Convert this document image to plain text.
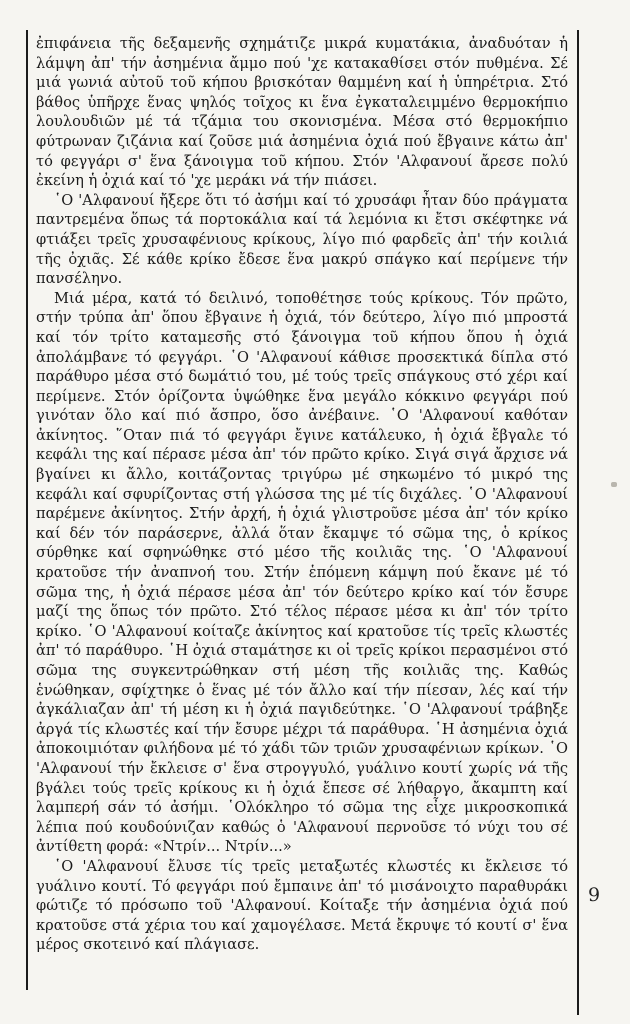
ἐπιφάνεια τῆς δεξαμενῆς σχημάτιζε μικρά κυματάκια, ἀναδυόταν ἡ λάμψη ἀπ' τήν ἀσημένια ἄμμο πού 'χε κατακαθίσει στόν πυθμένα. Σέ μιά γωνιά αὐτοῦ τοῦ κήπου βρισκόταν θαμμένη καί ἡ ὑπηρέτρια. Στό βάθος ὑπῆρχε ἕνας ψηλός τοῖχος κι ἕνα ἐγκαταλειμμένο θερμοκήπιο λουλουδιῶν μέ τά τζάμια του σκονισμένα. Μέσα στό θερμοκήπιο φύτρωναν ζιζάνια καί ζοῦσε μιά ἀσημένια ὀχιά πού ἔβγαινε κάτω ἀπ' τό φεγγάρι σ' ἕνα ξάνοιγμα τοῦ κήπου. Στόν 'Αλφανουί ἄρεσε πολύ ἐκείνη ἡ ὀχιά καί τό 'χε μεράκι νά τήν πιάσει.

῾Ο 'Αλφανουί ἤξερε ὅτι τό ἀσήμι καί τό χρυσάφι ἦταν δύο πράγματα παντρεμένα ὅπως τά πορτοκάλια καί τά λεμόνια κι ἔτσι σκέφτηκε νά φτιάξει τρεῖς χρυσαφένιους κρίκους, λίγο πιό φαρδεῖς ἀπ' τήν κοιλιά τῆς ὀχιᾶς. Σέ κάθε κρίκο ἔδεσε ἕνα μακρύ σπάγκο καί περίμενε τήν πανσέληνο.

Μιά μέρα, κατά τό δειλινό, τοποθέτησε τούς κρίκους. Τόν πρῶτο, στήν τρύπα ἀπ' ὅπου ἔβγαινε ἡ ὀχιά, τόν δεύτερο, λίγο πιό μπροστά καί τόν τρίτο καταμεσῆς στό ξάνοιγμα τοῦ κήπου ὅπου ἡ ὀχιά ἀπολάμβανε τό φεγγάρι. ῾Ο 'Αλφανουί κάθισε προσεκτικά δίπλα στό παράθυρο μέσα στό δωμάτιό του, μέ τούς τρεῖς σπάγκους στό χέρι καί περίμενε. Στόν ὁρίζοντα ὑψώθηκε ἕνα μεγάλο κόκκινο φεγγάρι πού γινόταν ὅλο καί πιό ἄσπρο, ὅσο ἀνέβαινε. ῾Ο 'Αλφανουί καθόταν ἀκίνητος. ῞Οταν πιά τό φεγγάρι ἔγινε κατάλευκο, ἡ ὀχιά ἔβγαλε τό κεφάλι της καί πέρασε μέσα ἀπ' τόν πρῶτο κρίκο. Σιγά σιγά ἄρχισε νά βγαίνει κι ἄλλο, κοιτάζοντας τριγύρω μέ σηκωμένο τό μικρό της κεφάλι καί σφυρίζοντας στή γλώσσα της μέ τίς διχάλες. ῾Ο 'Αλφανουί παρέμενε ἀκίνητος. Στήν ἀρχή, ἡ ὀχιά γλιστροῦσε μέσα ἀπ' τόν κρίκο καί δέν τόν παράσερνε, ἀλλά ὅταν ἔκαμψε τό σῶμα της, ὁ κρίκος σύρθηκε καί σφηνώθηκε στό μέσο τῆς κοιλιᾶς της. ῾Ο 'Αλφανουί κρατοῦσε τήν ἀναπνοή του. Στήν ἑπόμενη κάμψη πού ἔκανε μέ τό σῶμα της, ἡ ὀχιά πέρασε μέσα ἀπ' τόν δεύτερο κρίκο καί τόν ἔσυρε μαζί της ὅπως τόν πρῶτο. Στό τέλος πέρασε μέσα κι ἀπ' τόν τρίτο κρίκο. ῾Ο 'Αλφανουί κοίταζε ἀκίνητος καί κρατοῦσε τίς τρεῖς κλωστές ἀπ' τό παράθυρο. ῾Η ὀχιά σταμάτησε κι οἱ τρεῖς κρίκοι περασμένοι στό σῶμα της συγκεντρώθηκαν στή μέση τῆς κοιλιᾶς της. Καθώς ἑνώθηκαν, σφίχτηκε ὁ ἕνας μέ τόν ἄλλο καί τήν πίεσαν, λές καί τήν ἀγκάλιαζαν ἀπ' τή μέση κι ἡ ὀχιά παγιδεύτηκε. ῾Ο 'Αλφανουί τράβηξε ἀργά τίς κλωστές καί τήν ἔσυρε μέχρι τά παράθυρα. ῾Η ἀσημένια ὀχιά ἀποκοιμιόταν φιλήδονα μέ τό χάδι τῶν τριῶν χρυσαφένιων κρίκων. ῾Ο 'Αλφανουί τήν ἔκλεισε σ' ἕνα στρογγυλό, γυάλινο κουτί χωρίς νά τῆς βγάλει τούς τρεῖς κρίκους κι ἡ ὀχιά ἔπεσε σέ λήθαργο, ἄκαμπτη καί λαμπερή σάν τό ἀσήμι. ῾Ολόκληρο τό σῶμα της εἶχε μικροσκοπικά λέπια πού κουδούνιζαν καθώς ὁ 'Αλφανουί περνοῦσε τό νύχι του σέ ἀντίθετη φορά: «Ντρίν... Ντρίν...»

῾Ο 'Αλφανουί ἔλυσε τίς τρεῖς μεταξωτές κλωστές κι ἔκλεισε τό γυάλινο κουτί. Τό φεγγάρι πού ἔμπαινε ἀπ' τό μισάνοιχτο παραθυράκι φώτιζε τό πρόσωπο τοῦ 'Αλφανουί. Κοίταξε τήν ἀσημένια ὀχιά πού κρατοῦσε στά χέρια του καί χαμογέλασε. Μετά ἔκρυψε τό κουτί σ' ἕνα μέρος σκοτεινό καί πλάγιασε.

9
